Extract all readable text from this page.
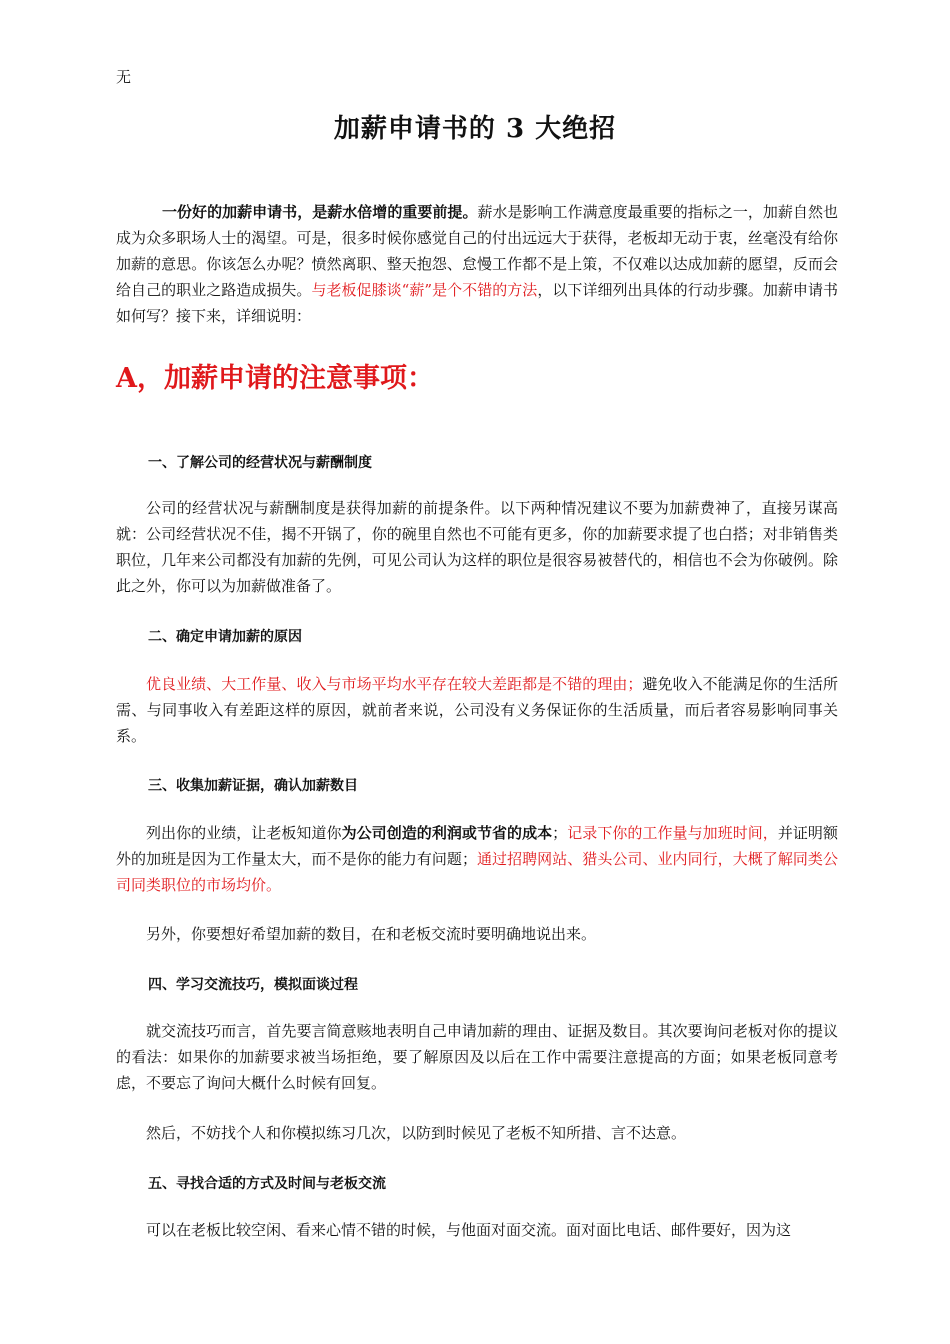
无
加薪申请书的 3 大绝招

一份好的加薪申请书，是薪水倍增的重要前提。薪水是影响工作满意度最重要的指标之一，加薪自然也成为众多职场人士的渴望。可是，很多时候你感觉自己的付出远远大于获得，老板却无动于衷，丝毫没有给你加薪的意思。你该怎么办呢？愤然离职、整天抱怨、怠慢工作都不是上策，不仅难以达成加薪的愿望，反而会给自己的职业之路造成损失。与老板促膝谈“薪”是个不错的方法，以下详细列出具体的行动步骤。加薪申请书如何写？接下来，详细说明：

A，加薪申请的注意事项：
一、了解公司的经营状况与薪酬制度

公司的经营状况与薪酬制度是获得加薪的前提条件。以下两种情况建议不要为加薪费神了，直接另谋高就：公司经营状况不佳，揭不开锅了，你的碗里自然也不可能有更多，你的加薪要求提了也白搭；对非销售类职位，几年来公司都没有加薪的先例，可见公司认为这样的职位是很容易被替代的，相信也不会为你破例。除此之外，你可以为加薪做准备了。

二、确定申请加薪的原因

优良业绩、大工作量、收入与市场平均水平存在较大差距都是不错的理由；避免收入不能满足你的生活所需、与同事收入有差距这样的原因，就前者来说，公司没有义务保证你的生活质量，而后者容易影响同事关系。

三、收集加薪证据，确认加薪数目

列出你的业绩，让老板知道你为公司创造的利润或节省的成本；记录下你的工作量与加班时间，并证明额外的加班是因为工作量太大，而不是你的能力有问题；通过招聘网站、猎头公司、业内同行，大概了解同类公司同类职位的市场均价。

另外，你要想好希望加薪的数目，在和老板交流时要明确地说出来。

四、学习交流技巧，模拟面谈过程

就交流技巧而言，首先要言简意赅地表明自己申请加薪的理由、证据及数目。其次要询问老板对你的提议的看法：如果你的加薪要求被当场拒绝，要了解原因及以后在工作中需要注意提高的方面；如果老板同意考虑，不要忘了询问大概什么时候有回复。

然后，不妨找个人和你模拟练习几次，以防到时候见了老板不知所措、言不达意。

五、寻找合适的方式及时间与老板交流

可以在老板比较空闲、看来心情不错的时候，与他面对面交流。面对面比电话、邮件要好，因为这
